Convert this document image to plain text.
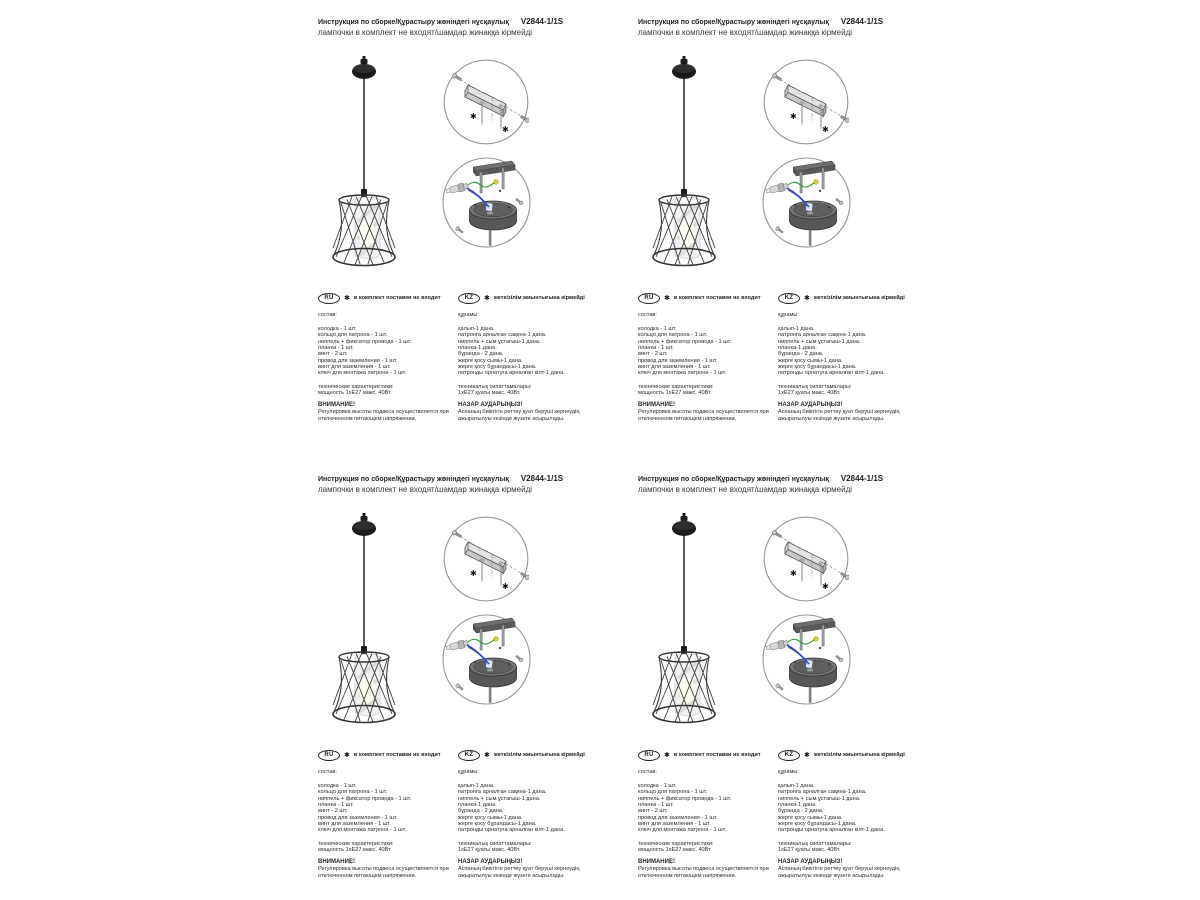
Инструкция по сборке/Құрастыру жөніндегі нұсқаулық V2844-1/1S
лампочки в комплект не входят/шамдар жинаққа кірмейді
✱
✱
RU	✱ в комплект поставки не входит
состав:
колодка - 1 шт.
кольцо для патрона - 1 шт.
ниппель + фиксатор провода - 1 шт.
планка - 1 шт.
винт - 2 шт.
провод для заземления - 1 шт.
винт для заземления - 1 шт.
ключ для монтажа патрона - 1 шт.
технические характеристики:
мощность 1хЕ27 макс. 40Вт
ВНИМАНИЕ!
Регулировка высоты подвеса осуществляется при отключенном питающем напряжении.
KZ	✱ жеткізілім жиынтығына кірмейді
құрамы:
қалып-1 дана.
патронға арналған сақина-1 дана.
ниппель + сым ұстағыш-1 дана.
планка-1 дана.
бұранда - 2 дана.
жерге қосу сымы-1 дана.
жерге қосу бұрандасы-1 дана.
патронды орнатуға арналған кілт-1 дана.
техникалық сипаттамалары:
1хЕ27 қуаты макс. 40Вт.
НАЗАР АУДАРЫҢЫЗ!
Аспаның биіктігін реттеу қуат беруші кернеудің ажыратылуы кезінде жүзеге асырылады.
Инструкция по сборке/Құрастыру жөніндегі нұсқаулық V2844-1/1S
лампочки в комплект не входят/шамдар жинаққа кірмейді
✱
✱
RU	✱ в комплект поставки не входит
состав:
колодка - 1 шт.
кольцо для патрона - 1 шт.
ниппель + фиксатор провода - 1 шт.
планка - 1 шт.
винт - 2 шт.
провод для заземления - 1 шт.
винт для заземления - 1 шт.
ключ для монтажа патрона - 1 шт.
технические характеристики:
мощность 1хЕ27 макс. 40Вт
ВНИМАНИЕ!
Регулировка высоты подвеса осуществляется при отключенном питающем напряжении.
KZ	✱ жеткізілім жиынтығына кірмейді
құрамы:
қалып-1 дана.
патронға арналған сақина-1 дана.
ниппель + сым ұстағыш-1 дана.
планка-1 дана.
бұранда - 2 дана.
жерге қосу сымы-1 дана.
жерге қосу бұрандасы-1 дана.
патронды орнатуға арналған кілт-1 дана.
техникалық сипаттамалары:
1хЕ27 қуаты макс. 40Вт.
НАЗАР АУДАРЫҢЫЗ!
Аспаның биіктігін реттеу қуат беруші кернеудің ажыратылуы кезінде жүзеге асырылады.
Инструкция по сборке/Құрастыру жөніндегі нұсқаулық V2844-1/1S
лампочки в комплект не входят/шамдар жинаққа кірмейді
✱
✱
RU	✱ в комплект поставки не входит
состав:
колодка - 1 шт.
кольцо для патрона - 1 шт.
ниппель + фиксатор провода - 1 шт.
планка - 1 шт.
винт - 2 шт.
провод для заземления - 1 шт.
винт для заземления - 1 шт.
ключ для монтажа патрона - 1 шт.
технические характеристики:
мощность 1хЕ27 макс. 40Вт
ВНИМАНИЕ!
Регулировка высоты подвеса осуществляется при отключенном питающем напряжении.
KZ	✱ жеткізілім жиынтығына кірмейді
құрамы:
қалып-1 дана.
патронға арналған сақина-1 дана.
ниппель + сым ұстағыш-1 дана.
планка-1 дана.
бұранда - 2 дана.
жерге қосу сымы-1 дана.
жерге қосу бұрандасы-1 дана.
патронды орнатуға арналған кілт-1 дана.
техникалық сипаттамалары:
1хЕ27 қуаты макс. 40Вт.
НАЗАР АУДАРЫҢЫЗ!
Аспаның биіктігін реттеу қуат беруші кернеудің ажыратылуы кезінде жүзеге асырылады.
Инструкция по сборке/Құрастыру жөніндегі нұсқаулық V2844-1/1S
лампочки в комплект не входят/шамдар жинаққа кірмейді
✱
✱
RU	✱ в комплект поставки не входит
состав:
колодка - 1 шт.
кольцо для патрона - 1 шт.
ниппель + фиксатор провода - 1 шт.
планка - 1 шт.
винт - 2 шт.
провод для заземления - 1 шт.
винт для заземления - 1 шт.
ключ для монтажа патрона - 1 шт.
технические характеристики:
мощность 1хЕ27 макс. 40Вт
ВНИМАНИЕ!
Регулировка высоты подвеса осуществляется при отключенном питающем напряжении.
KZ	✱ жеткізілім жиынтығына кірмейді
құрамы:
қалып-1 дана.
патронға арналған сақина-1 дана.
ниппель + сым ұстағыш-1 дана.
планка-1 дана.
бұранда - 2 дана.
жерге қосу сымы-1 дана.
жерге қосу бұрандасы-1 дана.
патронды орнатуға арналған кілт-1 дана.
техникалық сипаттамалары:
1хЕ27 қуаты макс. 40Вт.
НАЗАР АУДАРЫҢЫЗ!
Аспаның биіктігін реттеу қуат беруші кернеудің ажыратылуы кезінде жүзеге асырылады.
